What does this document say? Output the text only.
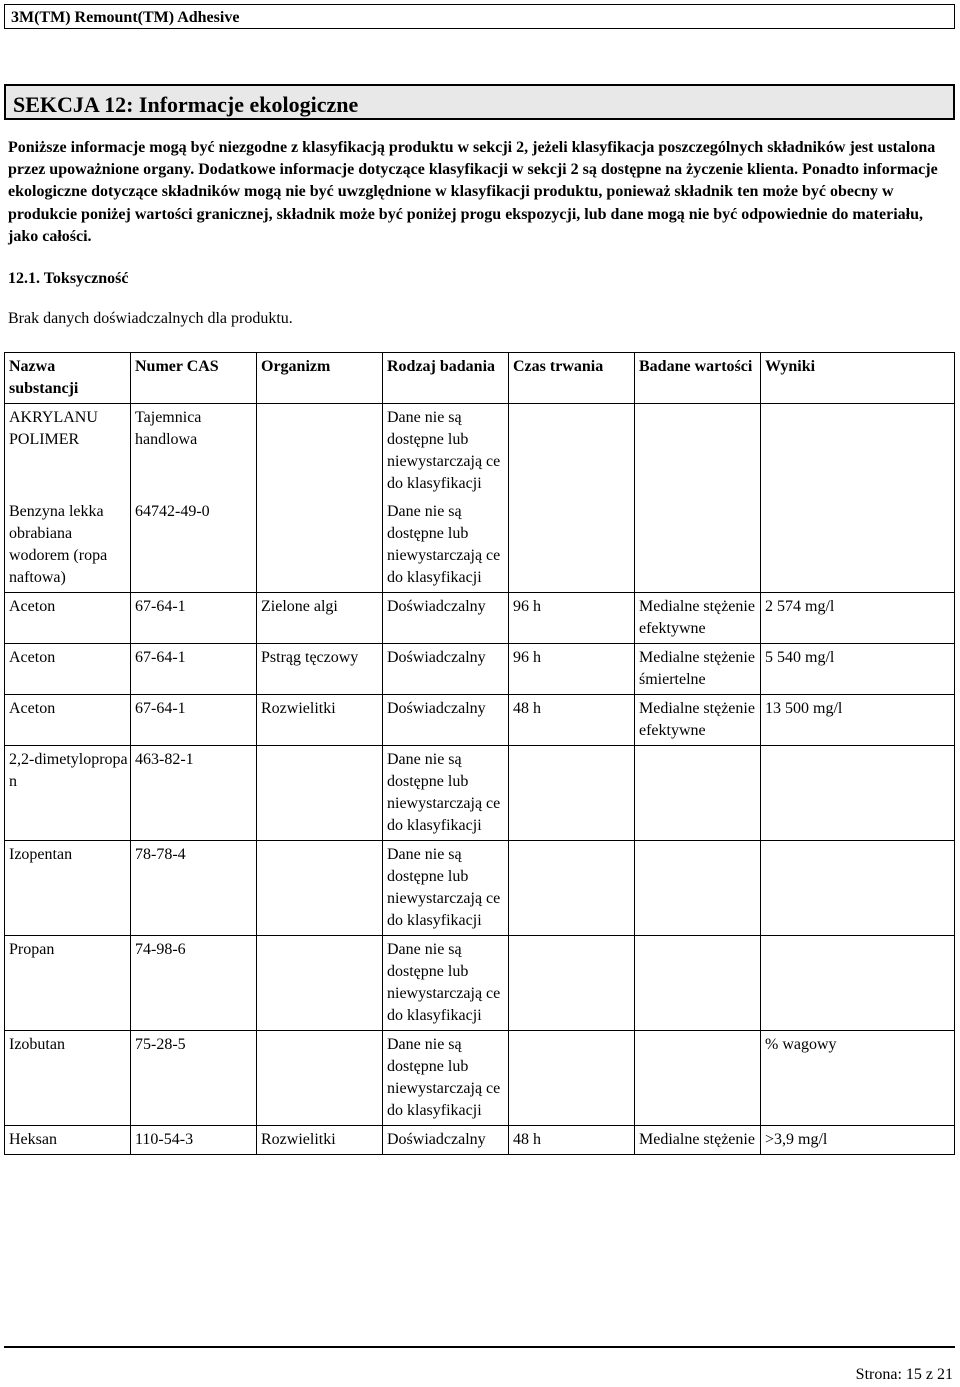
3M(TM) Remount(TM) Adhesive
SEKCJA 12: Informacje ekologiczne
Poniższe informacje mogą być niezgodne z klasyfikacją produktu w sekcji 2, jeżeli klasyfikacja poszczególnych składników jest ustalona przez upoważnione organy. Dodatkowe informacje dotyczące klasyfikacji w sekcji 2 są dostępne na życzenie klienta. Ponadto informacje ekologiczne dotyczące składników mogą nie być uwzględnione w klasyfikacji produktu, ponieważ składnik ten może być obecny w produkcie poniżej wartości granicznej, składnik może być poniżej progu ekspozycji, lub dane mogą nie być odpowiednie do materiału, jako całości.
12.1. Toksyczność
Brak danych doświadczalnych dla produktu.
Nazwa substancji	Numer CAS	Organizm	Rodzaj badania	Czas trwania	Badane wartości	Wyniki
AKRYLANU POLIMER	Tajemnica handlowa		Dane nie są dostępne lub niewystarczają ce do klasyfikacji			
Benzyna lekka obrabiana wodorem (ropa naftowa)	64742-49-0		Dane nie są dostępne lub niewystarczają ce do klasyfikacji			
Aceton	67-64-1	Zielone algi	Doświadczalny	96 h	Medialne stężenie efektywne	2 574 mg/l
Aceton	67-64-1	Pstrąg tęczowy	Doświadczalny	96 h	Medialne stężenie śmiertelne	5 540 mg/l
Aceton	67-64-1	Rozwielitki	Doświadczalny	48 h	Medialne stężenie efektywne	13 500 mg/l
2,2-dimetylopropa n	463-82-1		Dane nie są dostępne lub niewystarczają ce do klasyfikacji			
Izopentan	78-78-4		Dane nie są dostępne lub niewystarczają ce do klasyfikacji			
Propan	74-98-6		Dane nie są dostępne lub niewystarczają ce do klasyfikacji			
Izobutan	75-28-5		Dane nie są dostępne lub niewystarczają ce do klasyfikacji			% wagowy
Heksan	110-54-3	Rozwielitki	Doświadczalny	48 h	Medialne stężenie	>3,9 mg/l
Strona: 15 z 21
